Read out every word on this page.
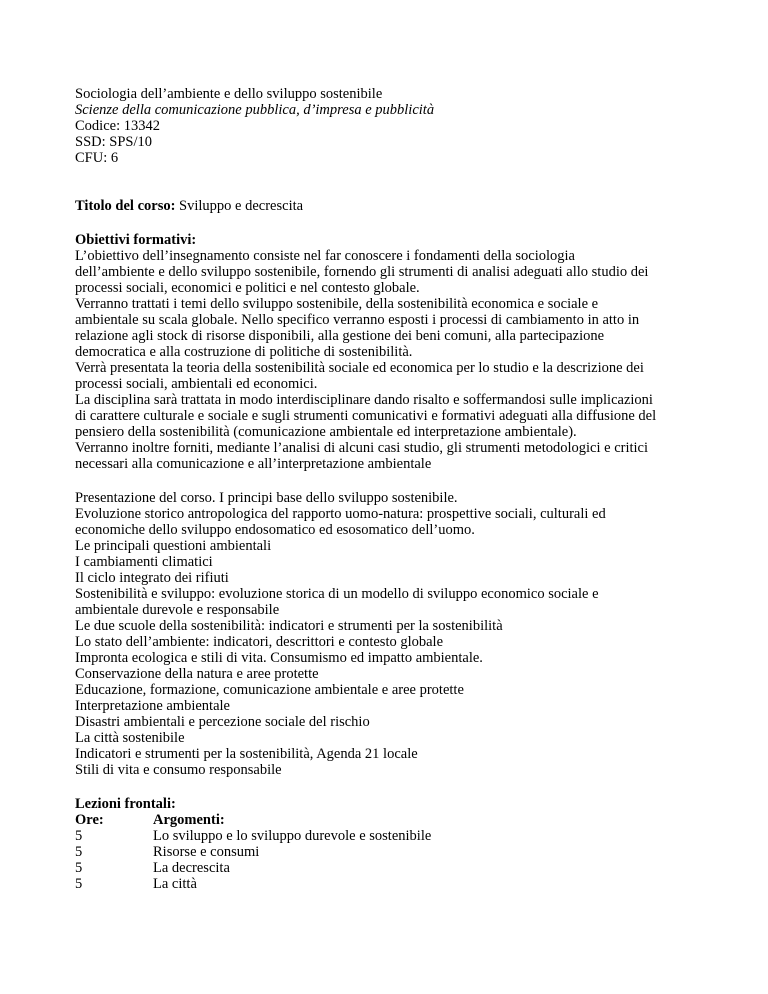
Sociologia dell’ambiente e dello sviluppo sostenibile
Scienze della comunicazione pubblica, d’impresa e pubblicità
Codice: 13342
SSD: SPS/10
CFU: 6
Titolo del corso: Sviluppo e decrescita
Obiettivi formativi:
L’obiettivo dell’insegnamento consiste nel far conoscere i fondamenti della sociologia
dell’ambiente e dello sviluppo sostenibile, fornendo gli strumenti di analisi adeguati allo studio dei
processi sociali, economici e politici e nel contesto globale.
Verranno trattati i temi dello sviluppo sostenibile, della sostenibilità economica e sociale e
ambientale su scala globale. Nello specifico verranno esposti i processi di cambiamento in atto in
relazione agli stock di risorse disponibili, alla gestione dei beni comuni, alla partecipazione
democratica e alla costruzione di politiche di sostenibilità.
Verrà presentata la teoria della sostenibilità sociale ed economica per lo studio e la descrizione dei
processi sociali, ambientali ed economici.
La disciplina sarà trattata in modo interdisciplinare dando risalto e soffermandosi sulle implicazioni
di carattere culturale e sociale e sugli strumenti comunicativi e formativi adeguati alla diffusione del
pensiero della sostenibilità (comunicazione ambientale ed interpretazione ambientale).
Verranno inoltre forniti, mediante l’analisi di alcuni casi studio, gli strumenti metodologici e critici
necessari alla comunicazione e all’interpretazione ambientale
Presentazione del corso. I principi base dello sviluppo sostenibile.
Evoluzione storico antropologica del rapporto uomo-natura: prospettive sociali, culturali ed
economiche dello sviluppo endosomatico ed esosomatico dell’uomo.
Le principali questioni ambientali
I cambiamenti climatici
Il ciclo integrato dei rifiuti
Sostenibilità e sviluppo: evoluzione storica di un modello di sviluppo economico sociale e
ambientale durevole e responsabile
Le due scuole della sostenibilità: indicatori e strumenti per la sostenibilità
Lo stato dell’ambiente: indicatori, descrittori e contesto globale
Impronta ecologica e stili di vita. Consumismo ed impatto ambientale.
Conservazione della natura e aree protette
Educazione, formazione, comunicazione ambientale e aree protette
Interpretazione ambientale
Disastri ambientali e percezione sociale del rischio
La città sostenibile
Indicatori e strumenti per la sostenibilità, Agenda 21 locale
Stili di vita e consumo responsabile
Lezioni frontali:
Ore:	Argomenti:
5	Lo sviluppo e lo sviluppo durevole e sostenibile
5	Risorse e consumi
5	La decrescita
5	La città
